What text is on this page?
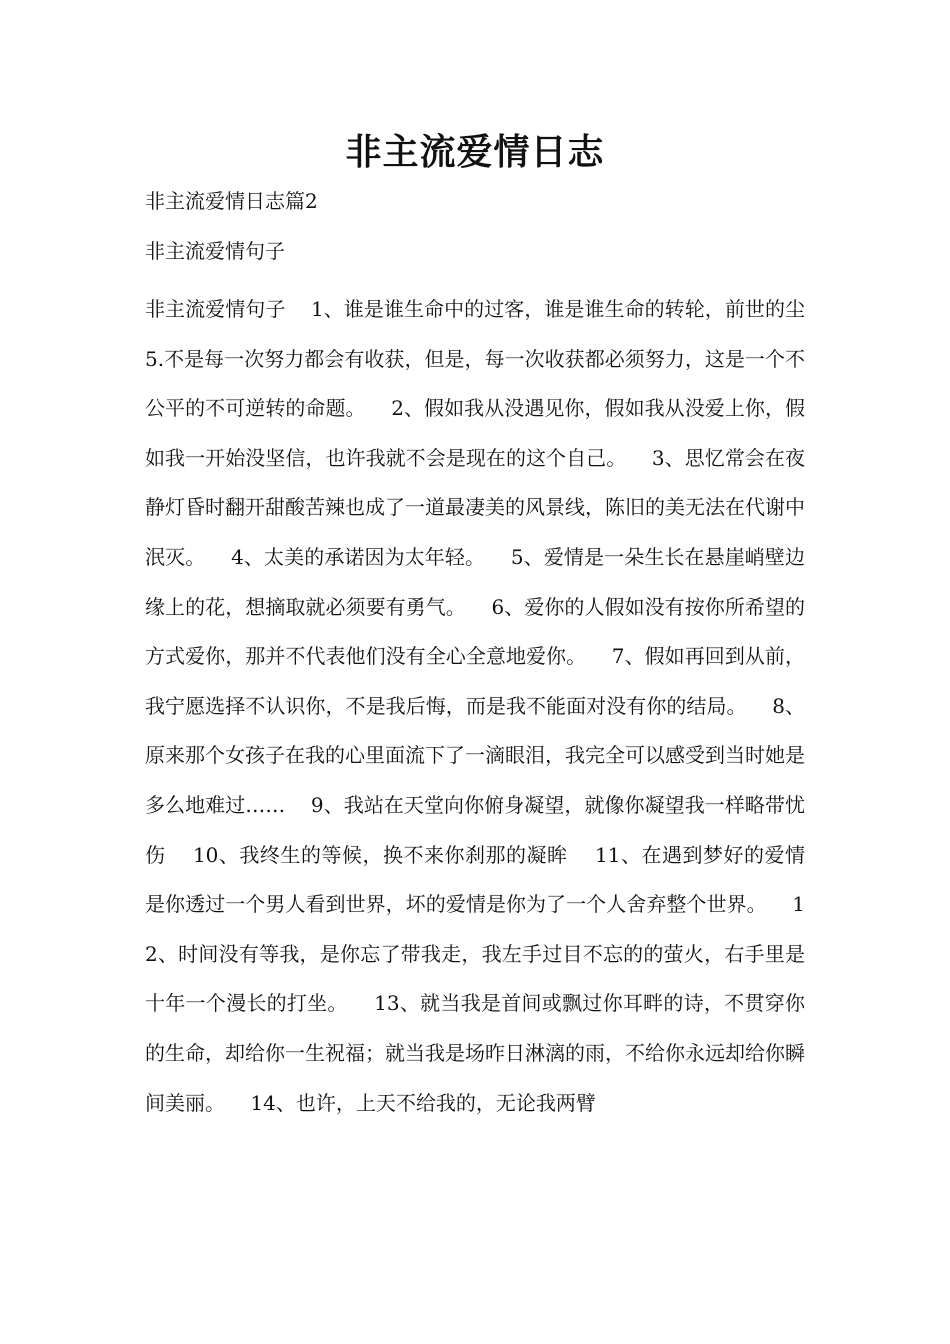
非主流爱情日志
非主流爱情日志篇2
非主流爱情句子

非主流爱情句子    1、谁是谁生命中的过客，谁是谁生命的转轮，前世的尘5.不是每一次努力都会有收获，但是，每一次收获都必须努力，这是一个不公平的不可逆转的命题。    2、假如我从没遇见你，假如我从没爱上你，假如我一开始没坚信，也许我就不会是现在的这个自己。    3、思忆常会在夜静灯昏时翻开甜酸苦辣也成了一道最凄美的风景线，陈旧的美无法在代谢中泯灭。    4、太美的承诺因为太年轻。    5、爱情是一朵生长在悬崖峭壁边缘上的花，想摘取就必须要有勇气。    6、爱你的人假如没有按你所希望的方式爱你，那并不代表他们没有全心全意地爱你。    7、假如再回到从前，我宁愿选择不认识你，不是我后悔，而是我不能面对没有你的结局。    8、原来那个女孩子在我的心里面流下了一滴眼泪，我完全可以感受到当时她是多么地难过……    9、我站在天堂向你俯身凝望，就像你凝望我一样略带忧伤    10、我终生的等候，换不来你刹那的凝眸    11、在遇到梦好的爱情是你透过一个男人看到世界，坏的爱情是你为了一个人舍弃整个世界。    12、时间没有等我，是你忘了带我走，我左手过目不忘的的萤火，右手里是十年一个漫长的打坐。    13、就当我是首间或飘过你耳畔的诗，不贯穿你的生命，却给你一生祝福；就当我是场昨日淋漓的雨，不给你永远却给你瞬间美丽。    14、也许，上天不给我的，无论我两臂
